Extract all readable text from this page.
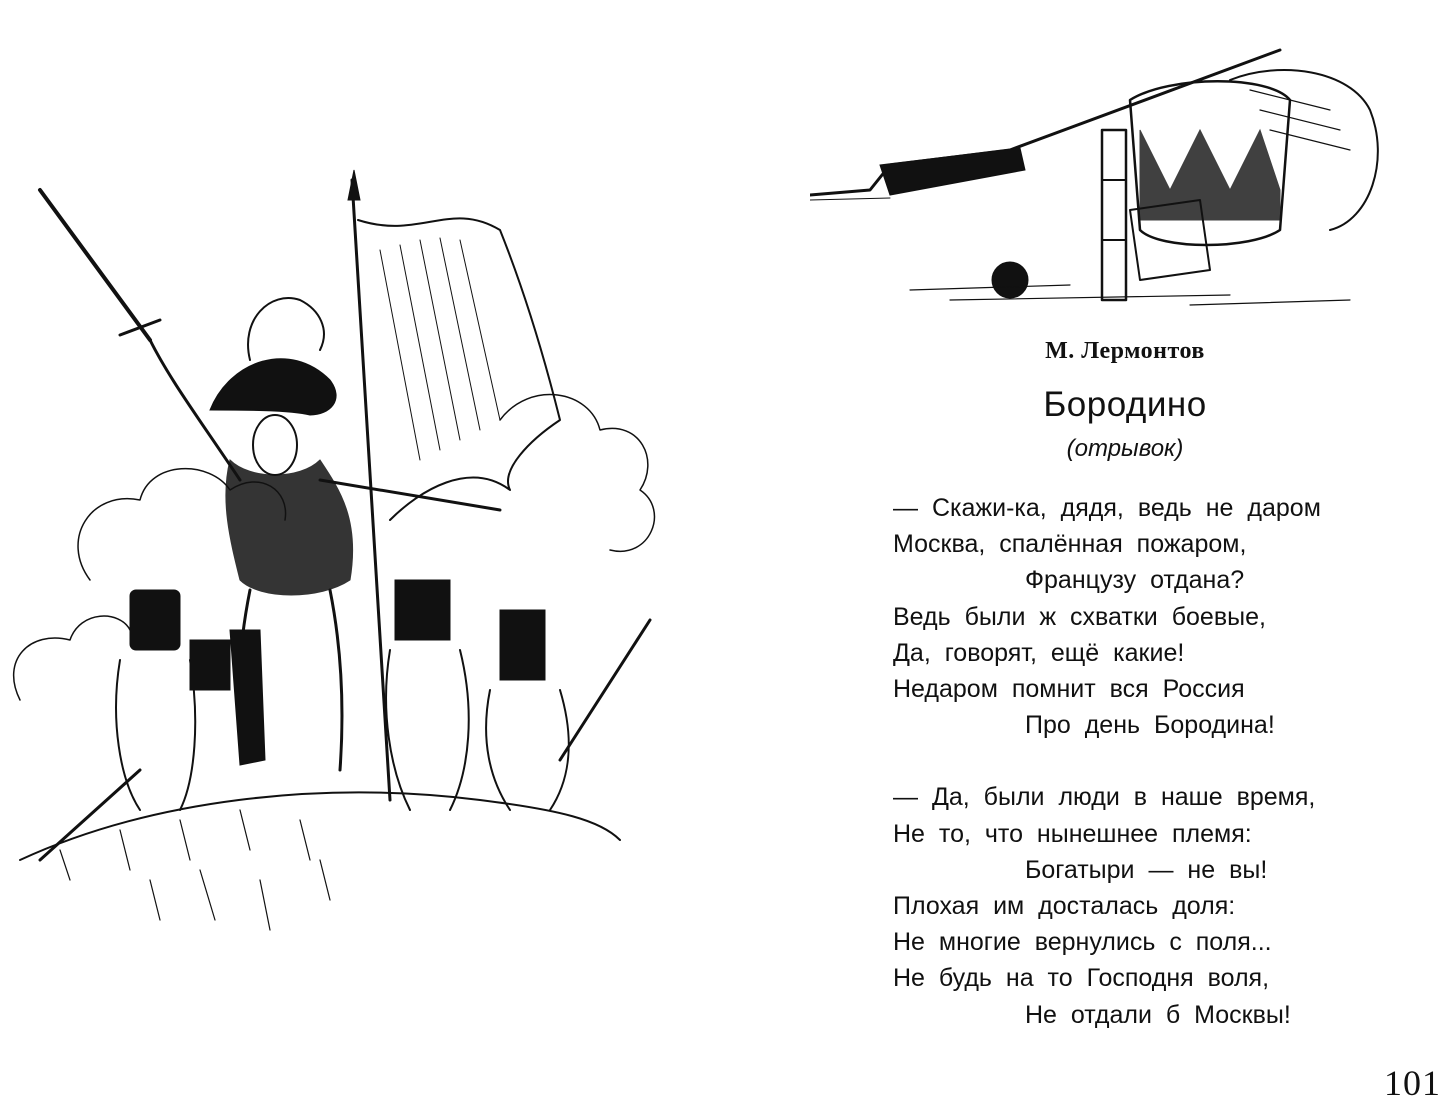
М. Лермонтов
Бородино
(отрывок)
— Скажи-ка, дядя, ведь не даром
Москва, спалённая пожаром,
Французу отдана?
Ведь были ж схватки боевые,
Да, говорят, ещё какие!
Недаром помнит вся Россия
Про день Бородина!
— Да, были люди в наше время,
Не то, что нынешнее племя:
Богатыри — не вы!
Плохая им досталась доля:
Не многие вернулись с поля...
Не будь на то Господня воля,
Не отдали б Москвы!
101
